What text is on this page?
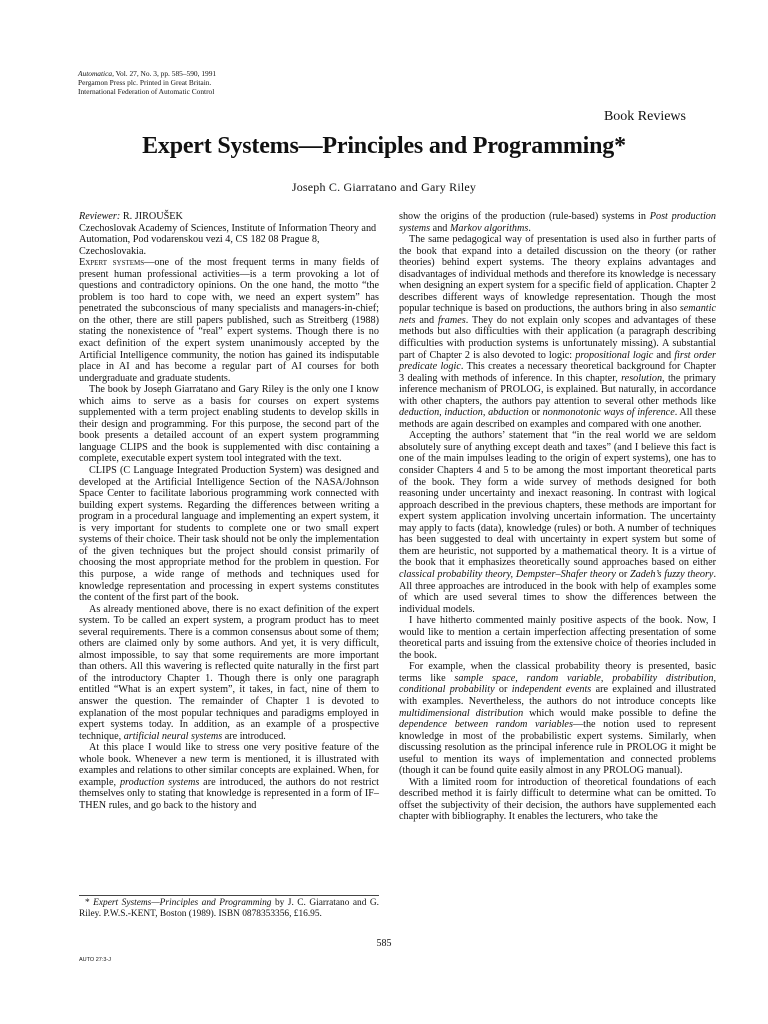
Automatica, Vol. 27, No. 3, pp. 585–590, 1991
Pergamon Press plc. Printed in Great Britain.
International Federation of Automatic Control
Book Reviews
Expert Systems—Principles and Programming*
Joseph C. Giarratano and Gary Riley

Reviewer: R. JIROUŠEK

Czechoslovak Academy of Sciences, Institute of Information Theory and Automation, Pod vodarenskou vezi 4, CS 182 08 Prague 8, Czechoslovakia.

Expert systems—one of the most frequent terms in many fields of present human professional activities—is a term provoking a lot of questions and contradictory opinions. On the one hand, the motto “the problem is too hard to cope with, we need an expert system” has penetrated the subconscious of many specialists and managers-in-chief; on the other, there are still papers published, such as Streitberg (1988) stating the nonexistence of “real” expert systems. Though there is no exact definition of the expert system unanimously accepted by the Artificial Intelligence community, the notion has gained its indisputable place in AI and has become a regular part of AI courses for both undergraduate and graduate students.

The book by Joseph Giarratano and Gary Riley is the only one I know which aims to serve as a basis for courses on expert systems supplemented with a term project enabling students to develop skills in their design and programming. For this purpose, the second part of the book presents a detailed account of an expert system programming language CLIPS and the book is supplemented with disc containing a complete, executable expert system tool integrated with the text.

CLIPS (C Language Integrated Production System) was designed and developed at the Artificial Intelligence Section of the NASA/Johnson Space Center to facilitate laborious programming work connected with building expert systems. Regarding the differences between writing a program in a procedural language and implementing an expert system, it is very important for students to complete one or two small expert systems of their choice. Their task should not be only the implementation of the given techniques but the project should consist primarily of choosing the most appropriate method for the problem in question. For this purpose, a wide range of methods and techniques used for knowledge representation and processing in expert systems constitutes the content of the first part of the book.

As already mentioned above, there is no exact definition of the expert system. To be called an expert system, a program product has to meet several requirements. There is a common consensus about some of them; others are claimed only by some authors. And yet, it is very difficult, almost impossible, to say that some requirements are more important than others. All this wavering is reflected quite naturally in the first part of the introductory Chapter 1. Though there is only one paragraph entitled “What is an expert system”, it takes, in fact, nine of them to answer the question. The remainder of Chapter 1 is devoted to explanation of the most popular techniques and paradigms employed in expert systems today. In addition, as an example of a prospective technique, artificial neural systems are introduced.

At this place I would like to stress one very positive feature of the whole book. Whenever a new term is mentioned, it is illustrated with examples and relations to other similar concepts are explained. When, for example, production systems are introduced, the authors do not restrict themselves only to stating that knowledge is represented in a form of IF–THEN rules, and go back to the history and

show the origins of the production (rule-based) systems in Post production systems and Markov algorithms.

The same pedagogical way of presentation is used also in further parts of the book that expand into a detailed discussion on the theory (or rather theories) behind expert systems. The theory explains advantages and disadvantages of individual methods and therefore its knowledge is necessary when designing an expert system for a specific field of application. Chapter 2 describes different ways of knowledge representation. Though the most popular technique is based on productions, the authors bring in also semantic nets and frames. They do not explain only scopes and advantages of these methods but also difficulties with their application (a paragraph describing difficulties with production systems is unfortunately missing). A substantial part of Chapter 2 is also devoted to logic: propositional logic and first order predicate logic. This creates a necessary theoretical background for Chapter 3 dealing with methods of inference. In this chapter, resolution, the primary inference mechanism of PROLOG, is explained. But naturally, in accordance with other chapters, the authors pay attention to several other methods like deduction, induction, abduction or nonmonotonic ways of inference. All these methods are again described on examples and compared with one another.

Accepting the authors’ statement that “in the real world we are seldom absolutely sure of anything except death and taxes” (and I believe this fact is one of the main impulses leading to the origin of expert systems), one has to consider Chapters 4 and 5 to be among the most important theoretical parts of the book. They form a wide survey of methods designed for both reasoning under uncertainty and inexact reasoning. In contrast with logical approach described in the previous chapters, these methods are important for expert system application involving uncertain information. The uncertainty may apply to facts (data), knowledge (rules) or both. A number of techniques has been suggested to deal with uncertainty in expert system but some of them are heuristic, not supported by a mathematical theory. It is a virtue of the book that it emphasizes theoretically sound approaches based on either classical probability theory, Dempster–Shafer theory or Zadeh’s fuzzy theory. All three approaches are introduced in the book with help of examples some of which are used several times to show the differences between the individual models.

I have hitherto commented mainly positive aspects of the book. Now, I would like to mention a certain imperfection affecting presentation of some theoretical parts and issuing from the extensive choice of theories included in the book.

For example, when the classical probability theory is presented, basic terms like sample space, random variable, probability distribution, conditional probability or independent events are explained and illustrated with examples. Nevertheless, the authors do not introduce concepts like multidimensional distribution which would make possible to define the dependence between random variables—the notion used to represent knowledge in most of the probabilistic expert systems. Similarly, when discussing resolution as the principal inference rule in PROLOG it might be useful to mention its ways of implementation and connected problems (though it can be found quite easily almost in any PROLOG manual).

With a limited room for introduction of theoretical foundations of each described method it is fairly difficult to determine what can be omitted. To offset the subjectivity of their decision, the authors have supplemented each chapter with bibliography. It enables the lecturers, who take the

* Expert Systems—Principles and Programming by J. C. Giarratano and G. Riley. P.W.S.-KENT, Boston (1989). ISBN 0878353356, £16.95.

585
AUTO 27:3-J
